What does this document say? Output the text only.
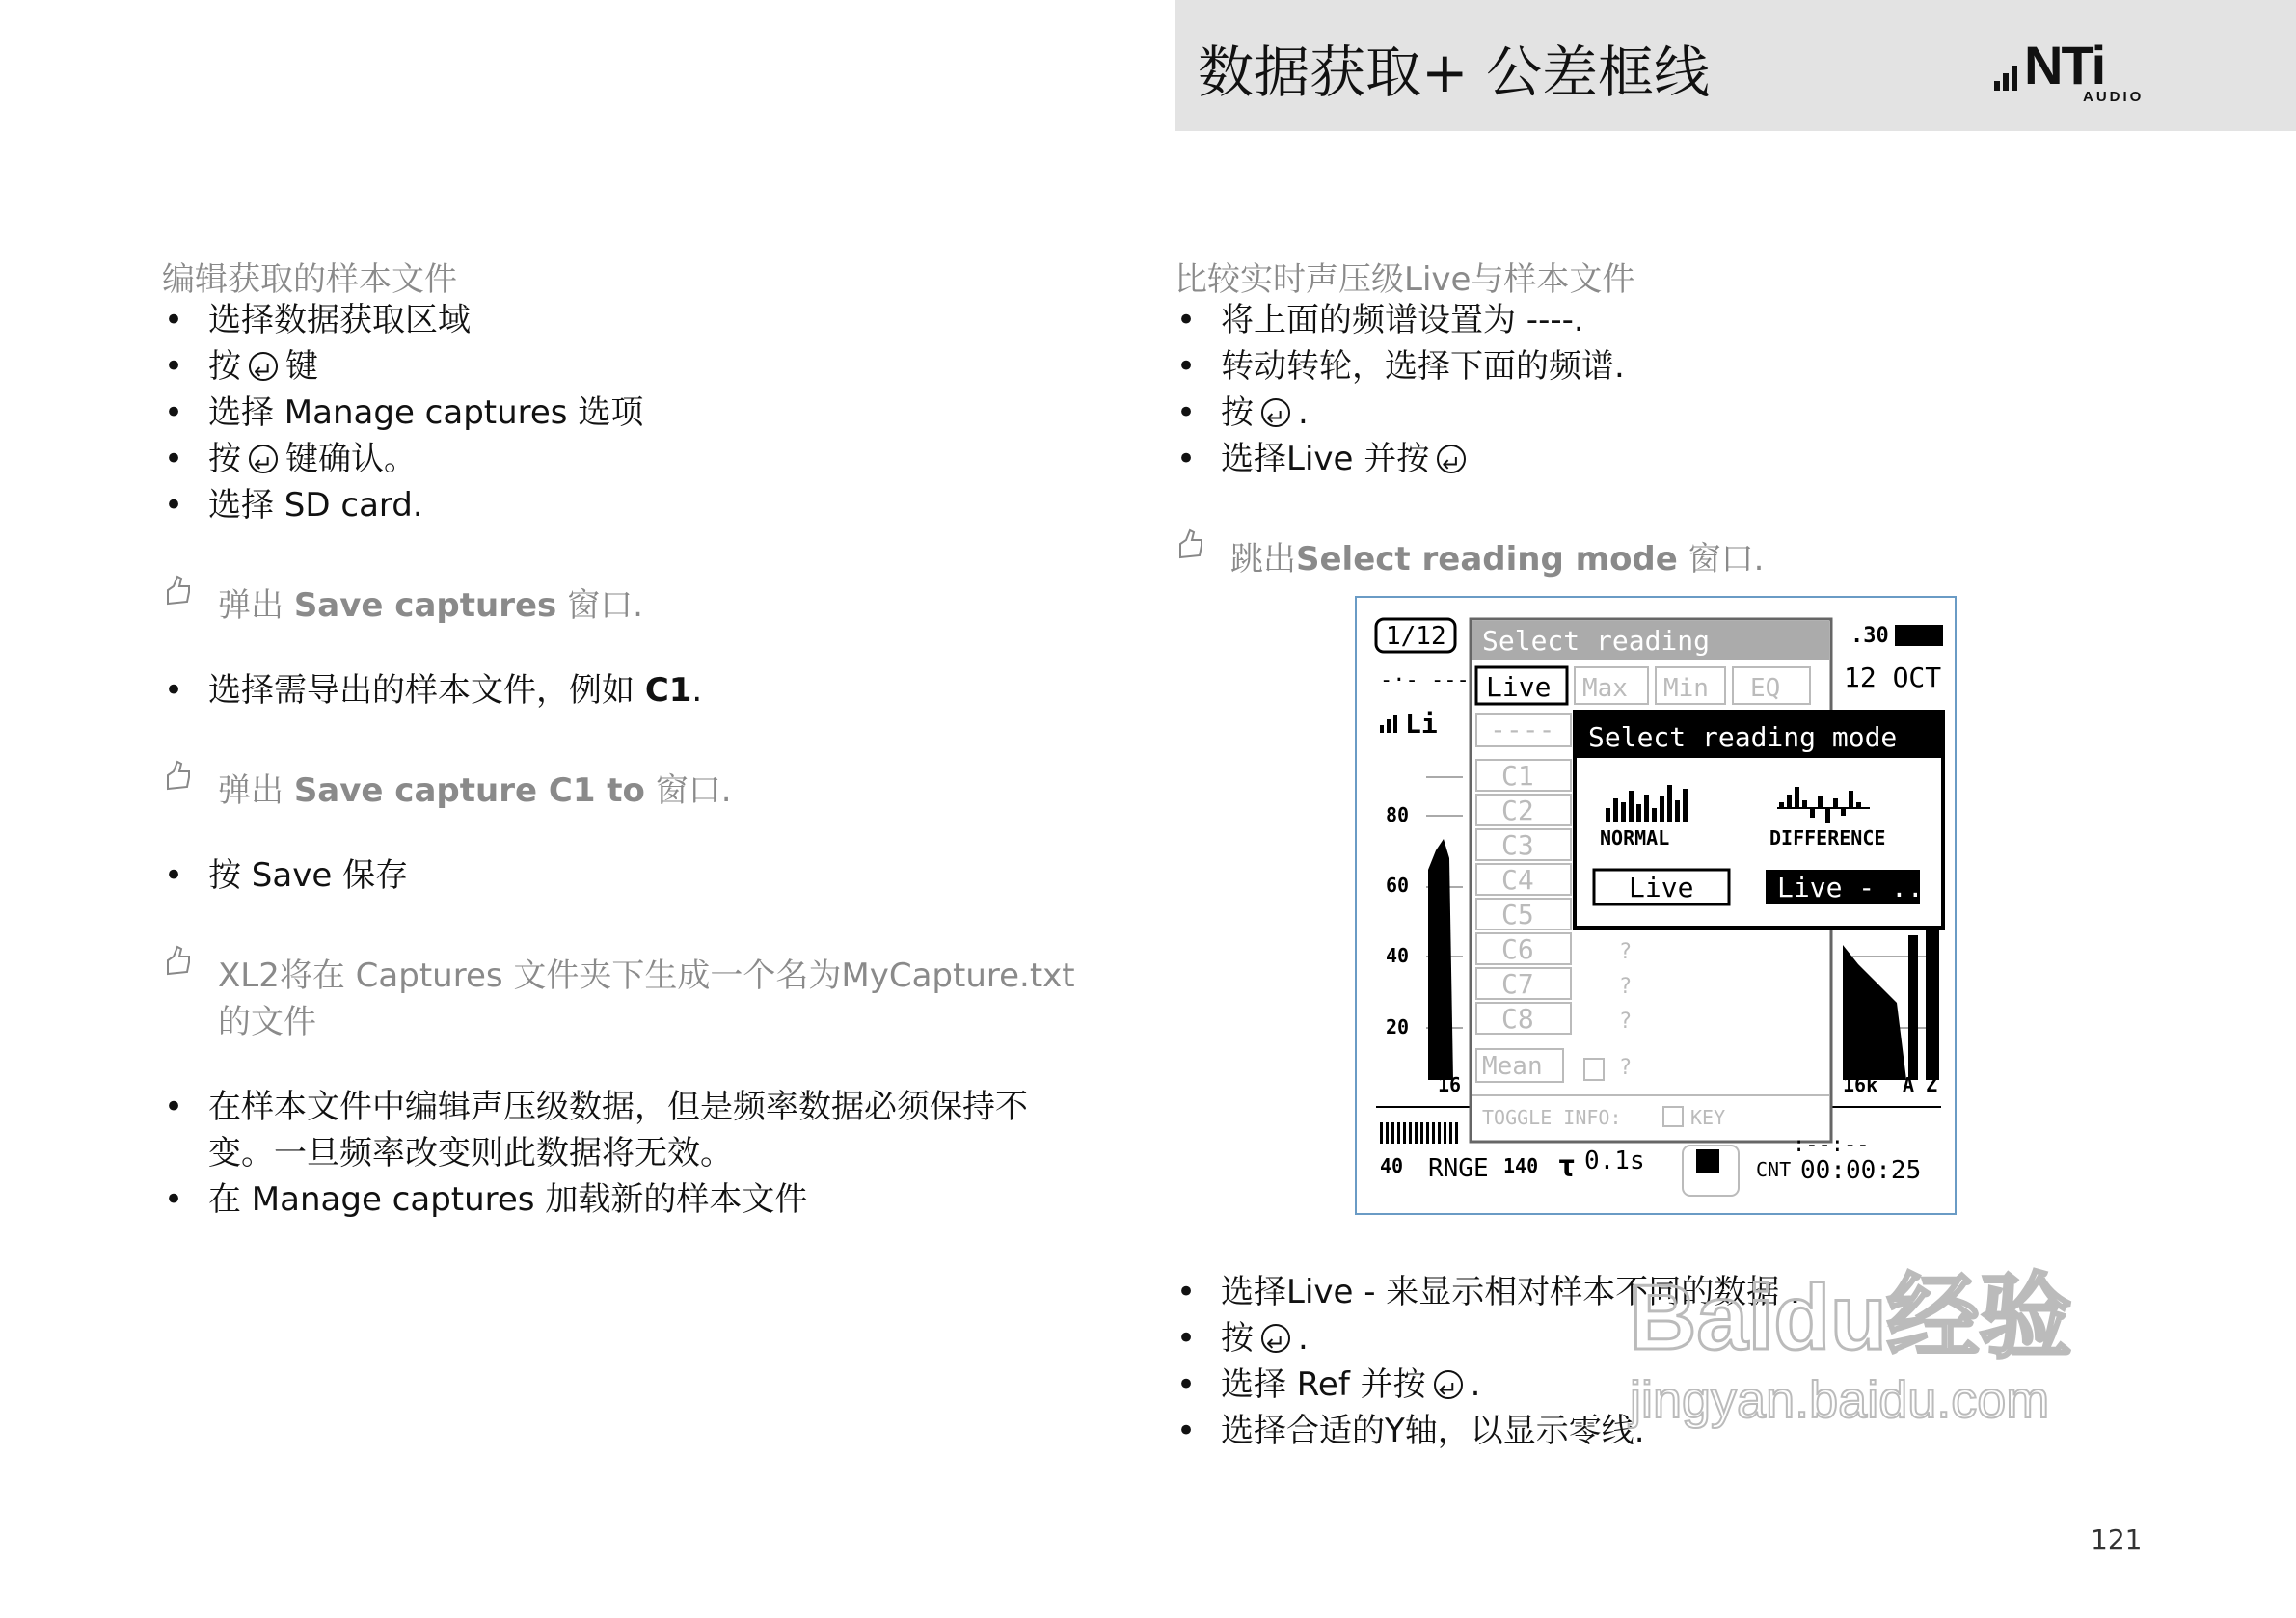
数据获取+ 公差框线	NTi
AUDIO
编辑获取的样本文件
• 选择数据获取区域
• 按 ↵ 键
• 选择 Manage captures 选项
• 按 ↵ 键确认。
• 选择 SD card.
弹出 Save captures 窗口.
• 选择需导出的样本文件，例如 C1.
弹出 Save capture C1 to 窗口.
• 按 Save 保存
XL2将在 Captures 文件夹下生成一个名为MyCapture.txt
的文件
• 在样本文件中编辑声压级数据，但是频率数据必须保持不
变。一旦频率改变则此数据将无效。
• 在 Manage captures 加载新的样本文件
比较实时声压级Live与样本文件
• 将上面的频谱设置为 ----.
• 转动转轮，选择下面的频谱.
• 按 ↵ .
• 选择Live 并按↵
跳出Select reading mode 窗口.
1/12	.30
-·- ---	12 OCT
Li
80
60
40
20
16	16k A Z
Select reading
Live Max Min EQ
----
C1
C2
C3
C4
C5
C6
C7
C8
Mean
?
?
?
?
TOGGLE INFO:	KEY
Select reading mode
NORMAL	DIFFERENCE
Live	Live - ...
40 RNGE 140 τ 0.1s
:--:--
CNT 00:00:25
• 选择Live - 来显示相对样本不同的数据 .
• 按 ↵ .
• 选择 Ref 并按 ↵ .
• 选择合适的Y轴，以显示零线.
Baidu经验
jingyan.baidu.com
121
